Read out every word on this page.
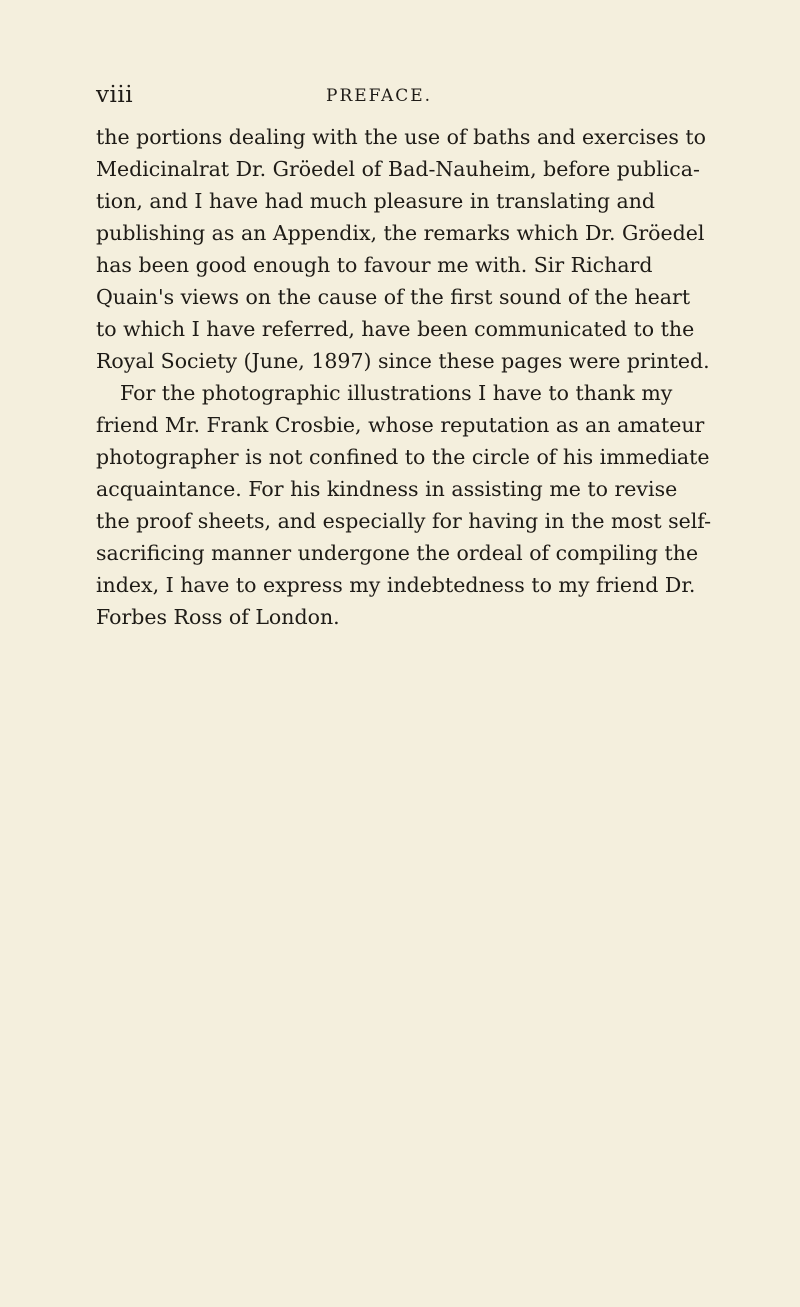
viii	PREFACE.
the portions dealing with the use of baths and exercises to
Medicinalrat Dr. Gröedel of Bad-Nauheim, before publica-
tion, and I have had much pleasure in translating and
publishing as an Appendix, the remarks which Dr. Gröedel
has been good enough to favour me with. Sir Richard
Quain's views on the cause of the first sound of the heart
to which I have referred, have been communicated to the
Royal Society (June, 1897) since these pages were printed.
For the photographic illustrations I have to thank my
friend Mr. Frank Crosbie, whose reputation as an amateur
photographer is not confined to the circle of his immediate
acquaintance. For his kindness in assisting me to revise
the proof sheets, and especially for having in the most self-
sacrificing manner undergone the ordeal of compiling the
index, I have to express my indebtedness to my friend Dr.
Forbes Ross of London.
